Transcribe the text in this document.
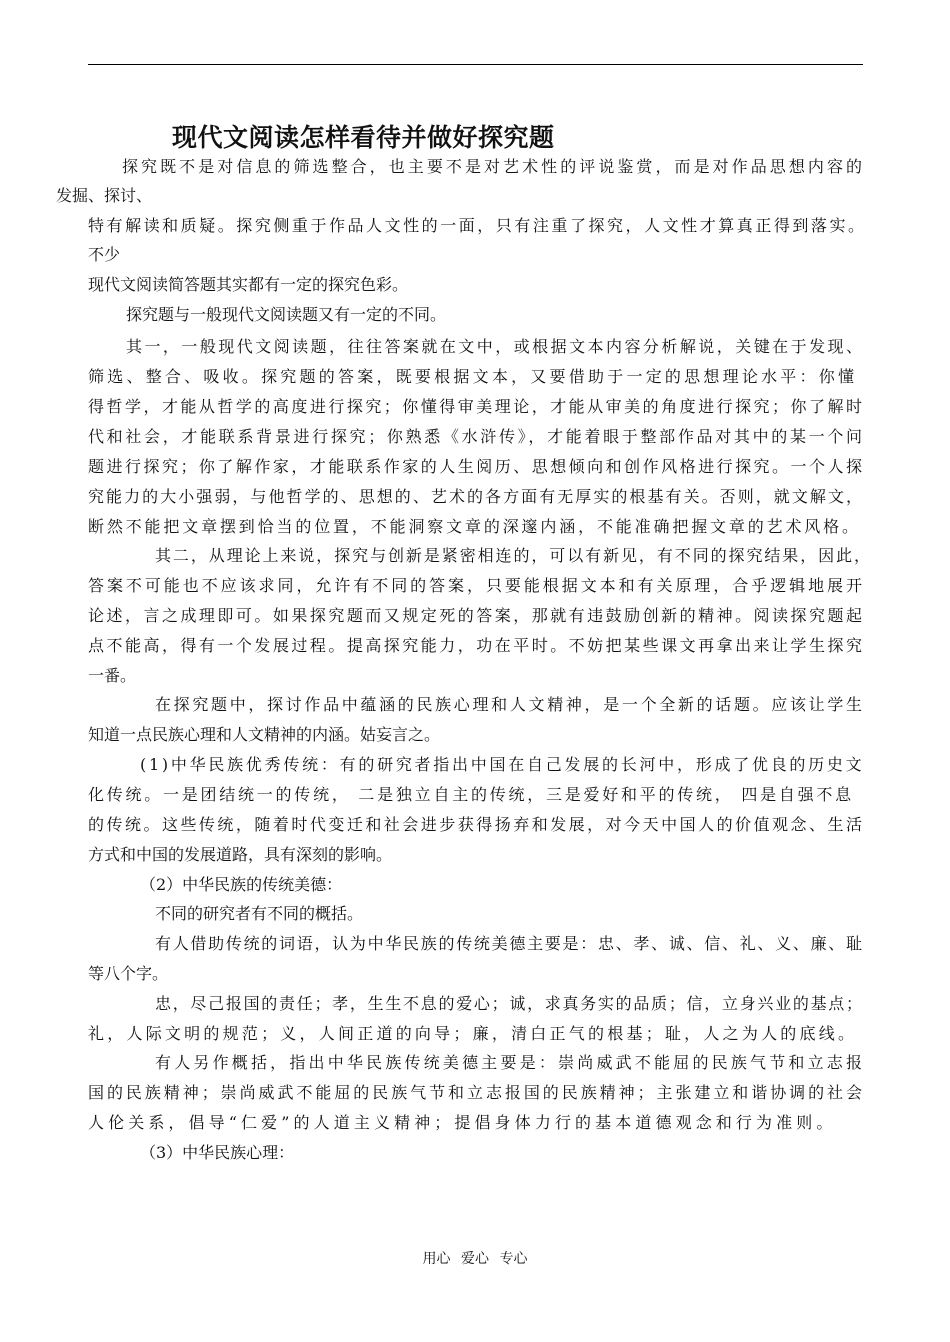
现代文阅读怎样看待并做好探究题
探究既不是对信息的筛选整合，也主要不是对艺术性的评说鉴赏，而是对作品思想内容的
发掘、探讨、
特有解读和质疑。探究侧重于作品人文性的一面，只有注重了探究，人文性才算真正得到落实。
不少
现代文阅读简答题其实都有一定的探究色彩。
探究题与一般现代文阅读题又有一定的不同。
其一，一般现代文阅读题，往往答案就在文中，或根据文本内容分析解说，关键在于发现、
筛选、整合、吸收。探究题的答案，既要根据文本，又要借助于一定的思想理论水平：你懂
得哲学，才能从哲学的高度进行探究；你懂得审美理论，才能从审美的角度进行探究；你了解时
代和社会，才能联系背景进行探究；你熟悉《水浒传》，才能着眼于整部作品对其中的某一个问
题进行探究；你了解作家，才能联系作家的人生阅历、思想倾向和创作风格进行探究。一个人探
究能力的大小强弱，与他哲学的、思想的、艺术的各方面有无厚实的根基有关。否则，就文解文，
断然不能把文章摆到恰当的位置，不能洞察文章的深邃内涵，不能准确把握文章的艺术风格。
其二，从理论上来说，探究与创新是紧密相连的，可以有新见，有不同的探究结果，因此，
答案不可能也不应该求同，允许有不同的答案，只要能根据文本和有关原理，合乎逻辑地展开
论述，言之成理即可。如果探究题而又规定死的答案，那就有违鼓励创新的精神。阅读探究题起
点不能高，得有一个发展过程。提高探究能力，功在平时。不妨把某些课文再拿出来让学生探究
一番。
在探究题中，探讨作品中蕴涵的民族心理和人文精神，是一个全新的话题。应该让学生
知道一点民族心理和人文精神的内涵。姑妄言之。
(1)中华民族优秀传统：有的研究者指出中国在自己发展的长河中，形成了优良的历史文
化传统。一是团结统一的传统， 二是独立自主的传统，三是爱好和平的传统， 四是自强不息
的传统。这些传统，随着时代变迁和社会进步获得扬弃和发展，对今天中国人的价值观念、生活
方式和中国的发展道路，具有深刻的影响。
（2）中华民族的传统美德：
不同的研究者有不同的概括。
有人借助传统的词语，认为中华民族的传统美德主要是：忠、孝、诚、信、礼、义、廉、耻
等八个字。
忠，尽己报国的责任；孝，生生不息的爱心；诚，求真务实的品质；信，立身兴业的基点；
礼，人际文明的规范；义，人间正道的向导；廉，清白正气的根基；耻，人之为人的底线。
有人另作概括，指出中华民族传统美德主要是：崇尚威武不能屈的民族气节和立志报
国的民族精神；崇尚威武不能屈的民族气节和立志报国的民族精神；主张建立和谐协调的社会
人伦关系，倡导“仁爱”的人道主义精神；提倡身体力行的基本道德观念和行为准则。
（3）中华民族心理：
用心 爱心 专心
